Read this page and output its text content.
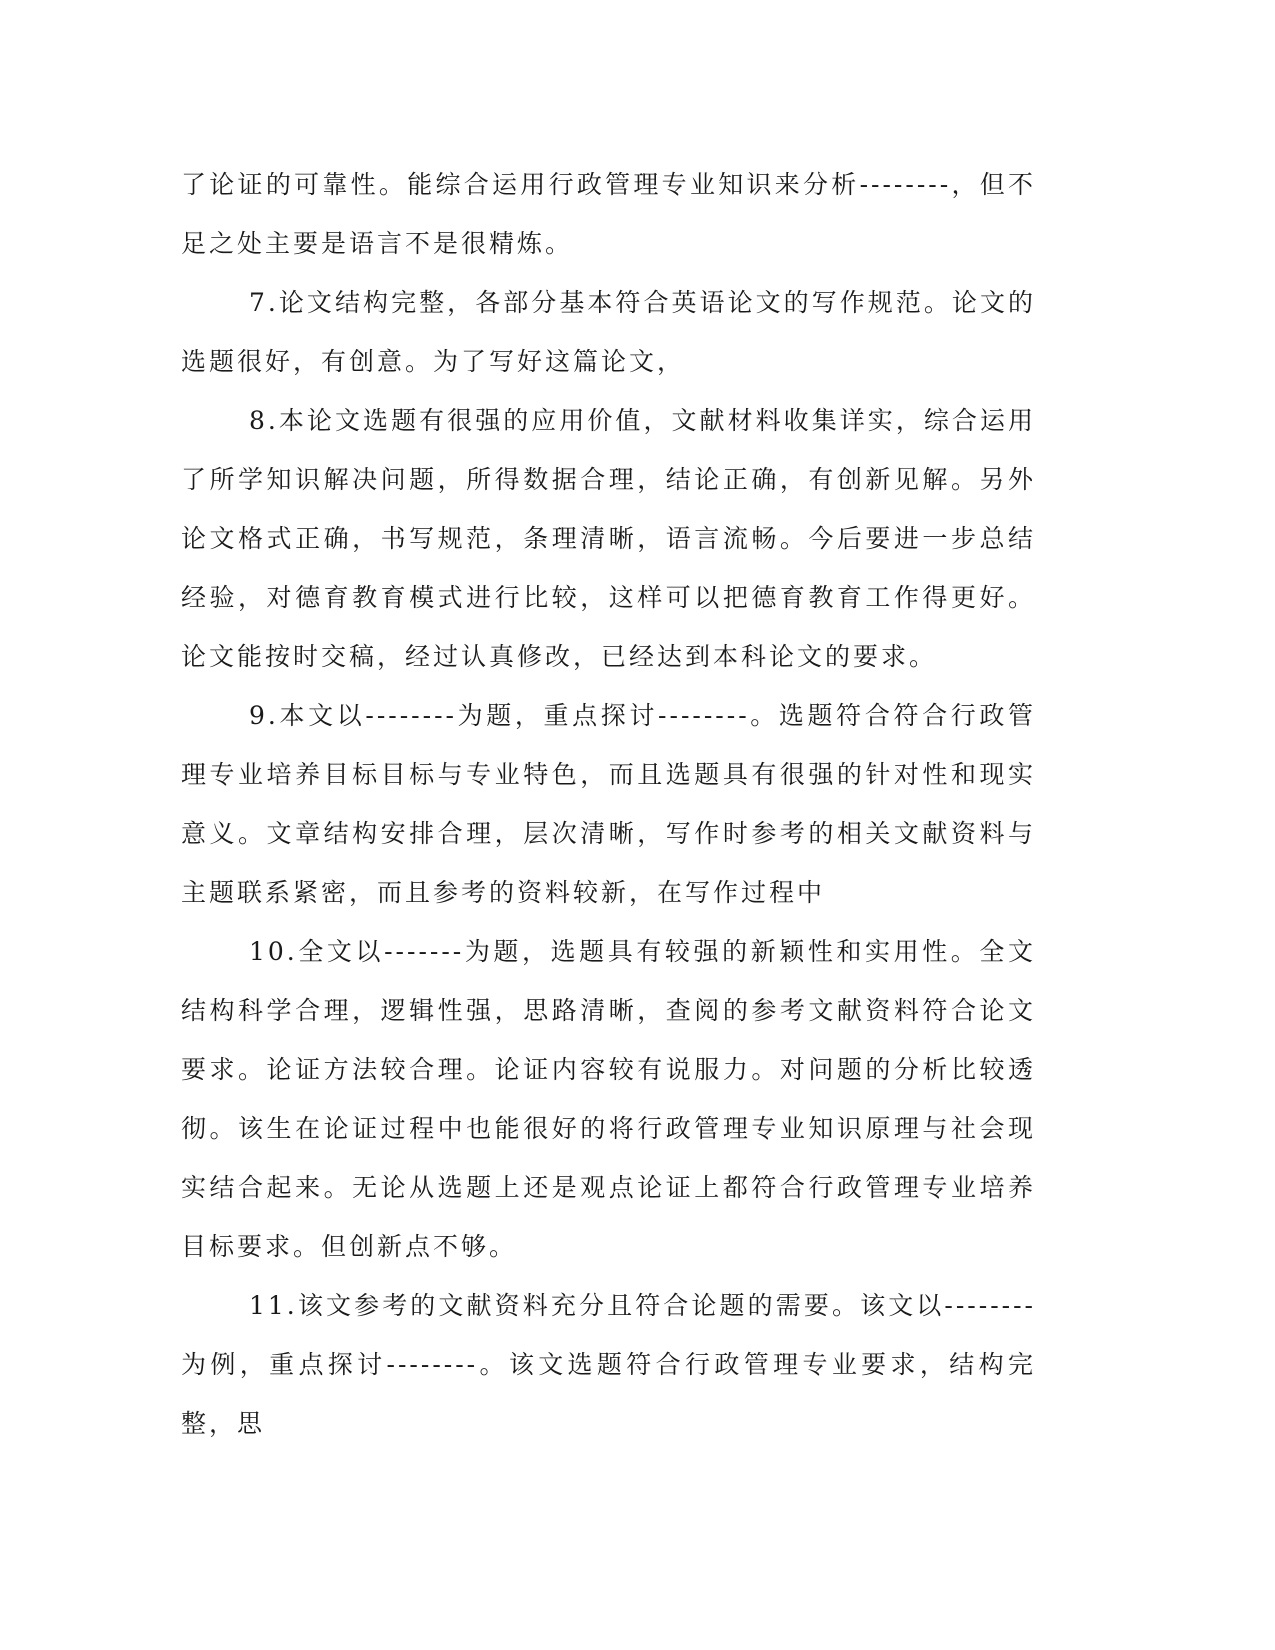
了论证的可靠性。能综合运用行政管理专业知识来分析--------，但不足之处主要是语言不是很精炼。

7.论文结构完整，各部分基本符合英语论文的写作规范。论文的选题很好，有创意。为了写好这篇论文，

8.本论文选题有很强的应用价值，文献材料收集详实，综合运用了所学知识解决问题，所得数据合理，结论正确，有创新见解。另外论文格式正确，书写规范，条理清晰，语言流畅。今后要进一步总结经验，对德育教育模式进行比较，这样可以把德育教育工作得更好。论文能按时交稿，经过认真修改，已经达到本科论文的要求。

9.本文以--------为题，重点探讨--------。选题符合符合行政管理专业培养目标目标与专业特色，而且选题具有很强的针对性和现实意义。文章结构安排合理，层次清晰，写作时参考的相关文献资料与主题联系紧密，而且参考的资料较新，在写作过程中

10.全文以-------为题，选题具有较强的新颖性和实用性。全文结构科学合理，逻辑性强，思路清晰，查阅的参考文献资料符合论文要求。论证方法较合理。论证内容较有说服力。对问题的分析比较透彻。该生在论证过程中也能很好的将行政管理专业知识原理与社会现实结合起来。无论从选题上还是观点论证上都符合行政管理专业培养目标要求。但创新点不够。

11.该文参考的文献资料充分且符合论题的需要。该文以--------为例，重点探讨--------。该文选题符合行政管理专业要求，结构完整，思
